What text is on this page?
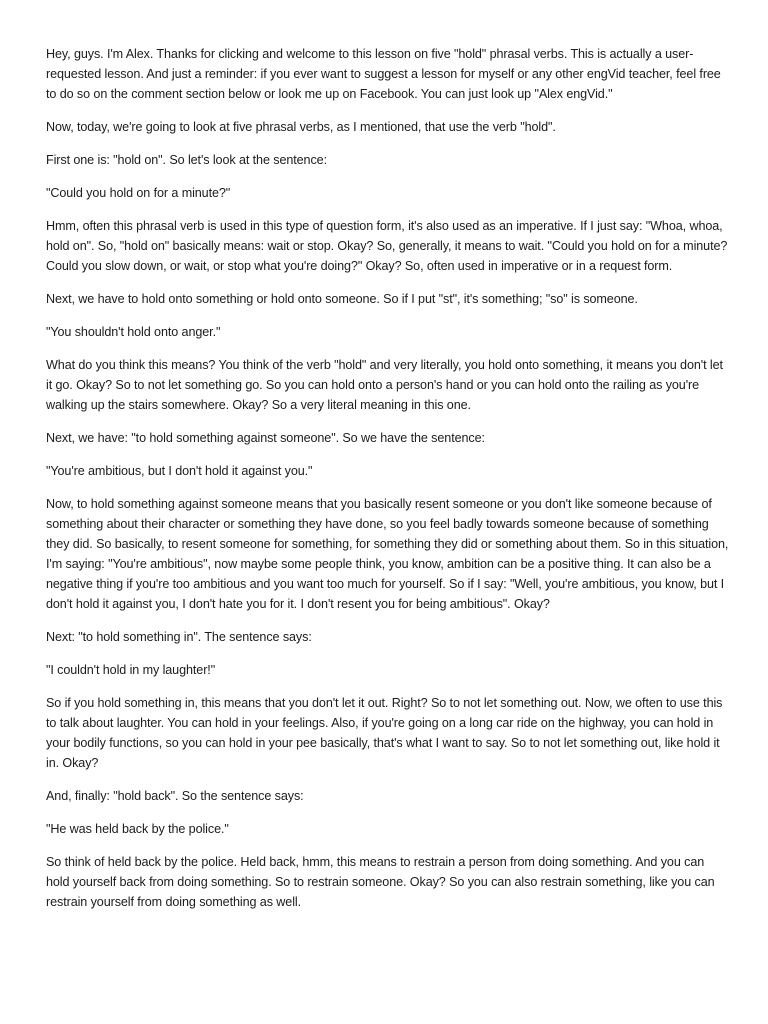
Hey, guys. I'm Alex. Thanks for clicking and welcome to this lesson on five "hold" phrasal verbs. This is actually a user-requested lesson. And just a reminder: if you ever want to suggest a lesson for myself or any other engVid teacher, feel free to do so on the comment section below or look me up on Facebook. You can just look up "Alex engVid."

Now, today, we're going to look at five phrasal verbs, as I mentioned, that use the verb "hold".

First one is: "hold on". So let's look at the sentence:

"Could you hold on for a minute?"

Hmm, often this phrasal verb is used in this type of question form, it's also used as an imperative. If I just say: "Whoa, whoa, hold on". So, "hold on" basically means: wait or stop. Okay? So, generally, it means to wait. "Could you hold on for a minute? Could you slow down, or wait, or stop what you're doing?" Okay? So, often used in imperative or in a request form.

Next, we have to hold onto something or hold onto someone. So if I put "st", it's something; "so" is someone.

"You shouldn't hold onto anger."

What do you think this means? You think of the verb "hold" and very literally, you hold onto something, it means you don't let it go. Okay? So to not let something go. So you can hold onto a person's hand or you can hold onto the railing as you're walking up the stairs somewhere. Okay? So a very literal meaning in this one.

Next, we have: "to hold something against someone". So we have the sentence:

"You're ambitious, but I don't hold it against you."

Now, to hold something against someone means that you basically resent someone or you don't like someone because of something about their character or something they have done, so you feel badly towards someone because of something they did. So basically, to resent someone for something, for something they did or something about them. So in this situation, I'm saying: "You're ambitious", now maybe some people think, you know, ambition can be a positive thing. It can also be a negative thing if you're too ambitious and you want too much for yourself. So if I say: "Well, you're ambitious, you know, but I don't hold it against you, I don't hate you for it. I don't resent you for being ambitious". Okay?

Next: "to hold something in". The sentence says:

"I couldn't hold in my laughter!"

So if you hold something in, this means that you don't let it out. Right? So to not let something out. Now, we often to use this to talk about laughter. You can hold in your feelings. Also, if you're going on a long car ride on the highway, you can hold in your bodily functions, so you can hold in your pee basically, that's what I want to say. So to not let something out, like hold it in. Okay?

And, finally: "hold back". So the sentence says:

"He was held back by the police."

So think of held back by the police. Held back, hmm, this means to restrain a person from doing something. And you can hold yourself back from doing something. So to restrain someone. Okay? So you can also restrain something, like you can restrain yourself from doing something as well.
